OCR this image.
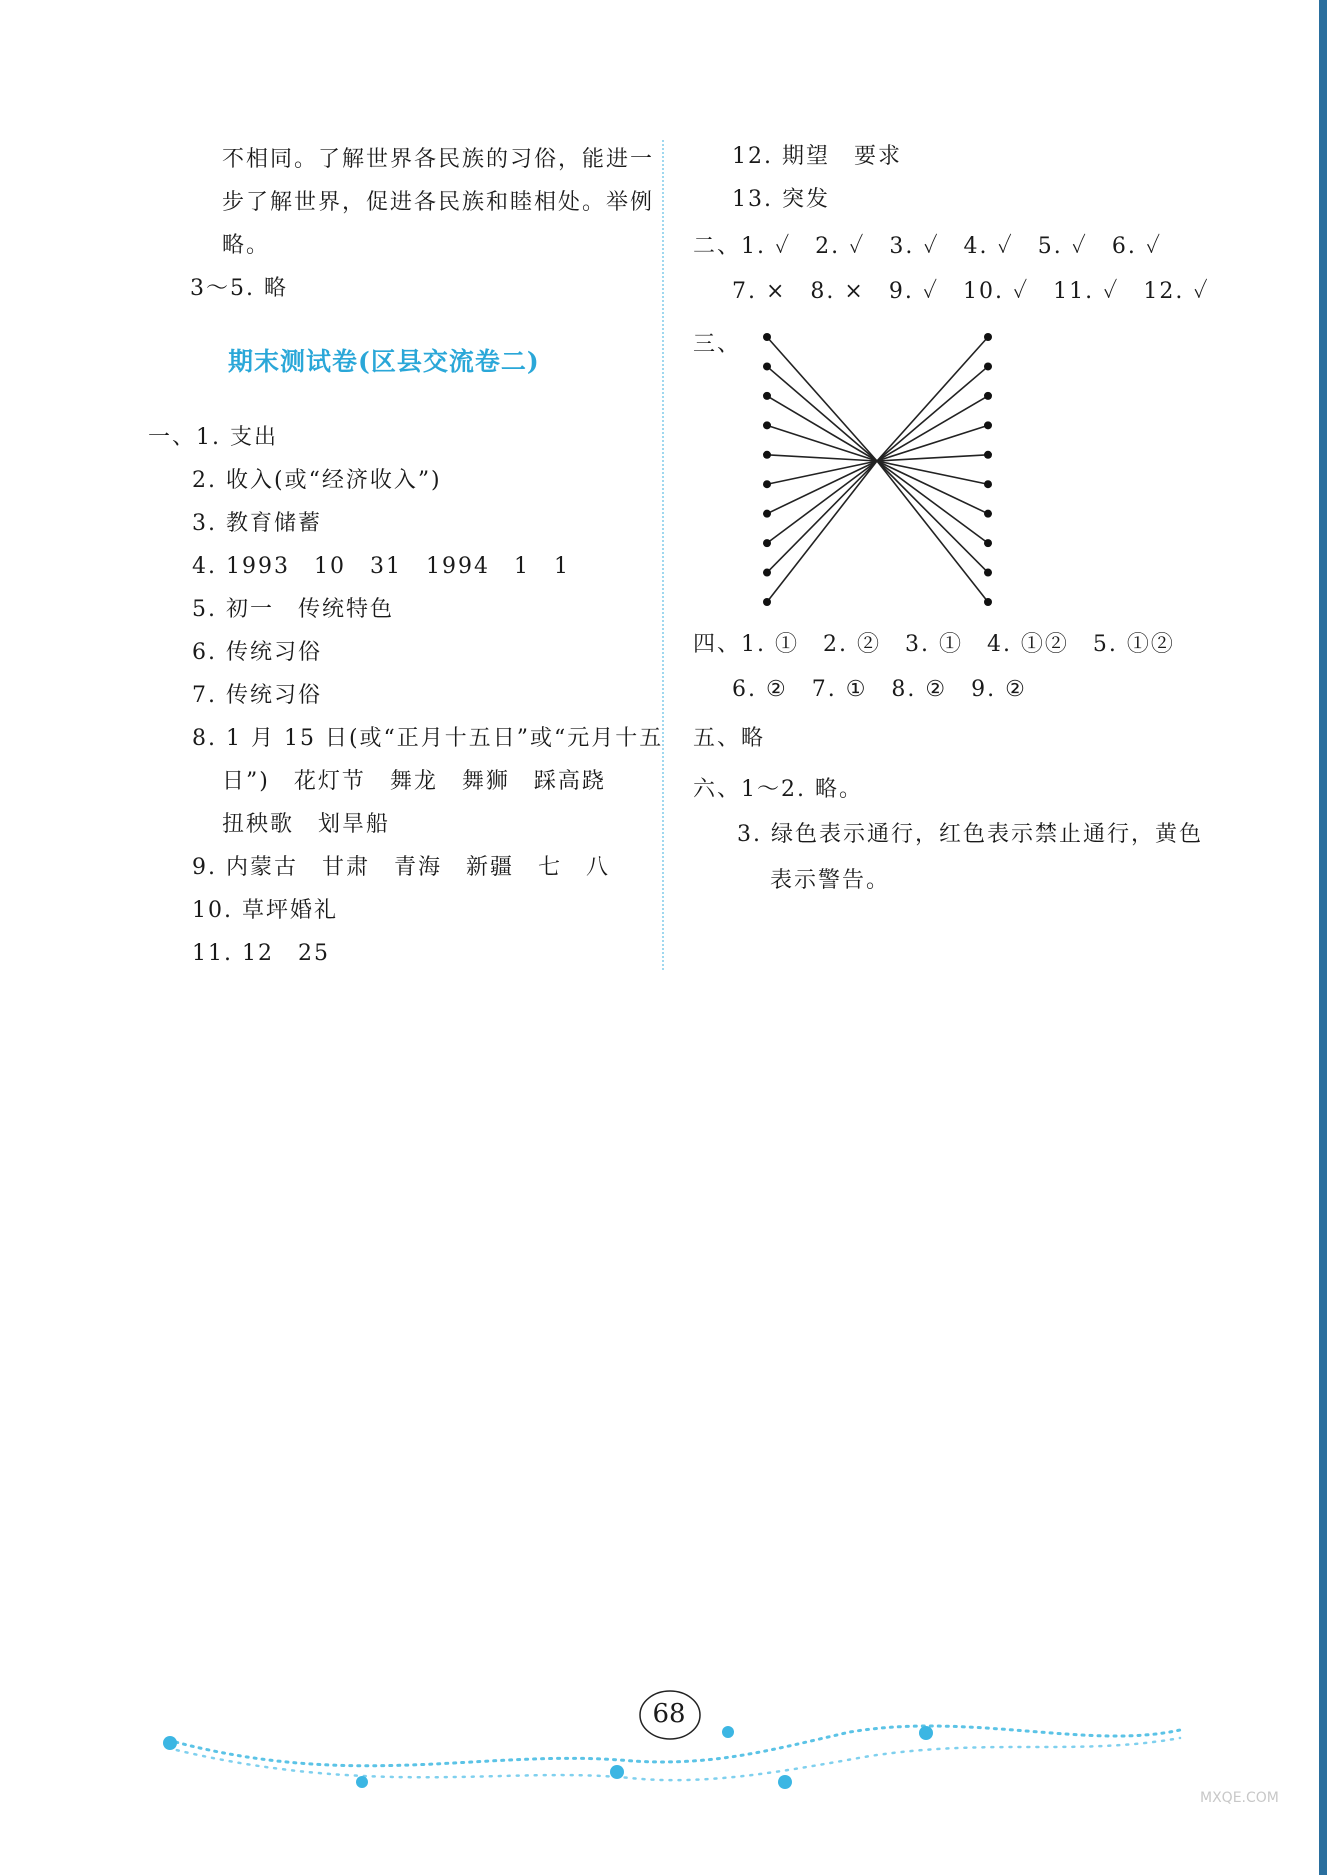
不相同。了解世界各民族的习俗，能进一
步了解世界，促进各民族和睦相处。举例
略。
3～5. 略
期末测试卷(区县交流卷二)
一、1. 支出
2. 收入(或“经济收入”)
3. 教育储蓄
4. 1993　10　31　1994　1　1
5. 初一　传统特色
6. 传统习俗
7. 传统习俗
8. 1 月 15 日(或“正月十五日”或“元月十五
日”)　花灯节　舞龙　舞狮　踩高跷
扭秧歌　划旱船
9. 内蒙古　甘肃　青海　新疆　七　八
10. 草坪婚礼
11. 12　25
12. 期望　要求
13. 突发
二、1. ✓　2. ✓　3. ✓　4. ✓　5. ✓　6. ✓
7. ×　8. ×　9. ✓　10. ✓　11. ✓　12. ✓
三、
四、1. ①　2. ②　3. ①　4. ①②　5. ①②
6. ②　7. ①　8. ②　9. ②
五、略
六、1～2. 略。
3. 绿色表示通行，红色表示禁止通行，黄色
表示警告。
68
MXQE.COM
